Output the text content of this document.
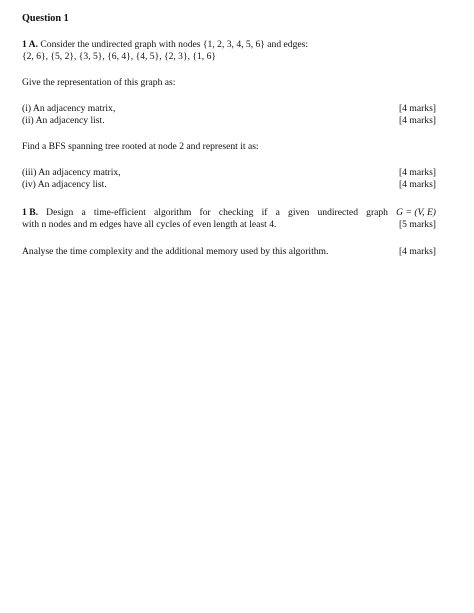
Question 1
1 A. Consider the undirected graph with nodes {1, 2, 3, 4, 5, 6} and edges:
{2, 6}, {5, 2}, {3, 5}, {6, 4}, {4, 5}, {2, 3}, {1, 6}
Give the representation of this graph as:
(i) An adjacency matrix,	[4 marks]
(ii) An adjacency list.	[4 marks]
Find a BFS spanning tree rooted at node 2 and represent it as:
(iii) An adjacency matrix,	[4 marks]
(iv) An adjacency list.	[4 marks]
1 B. Design a time-efficient algorithm for checking if a given undirected graph G = (V, E)
with n nodes and m edges have all cycles of even length at least 4.	[5 marks]
Analyse the time complexity and the additional memory used by this algorithm.	[4 marks]
